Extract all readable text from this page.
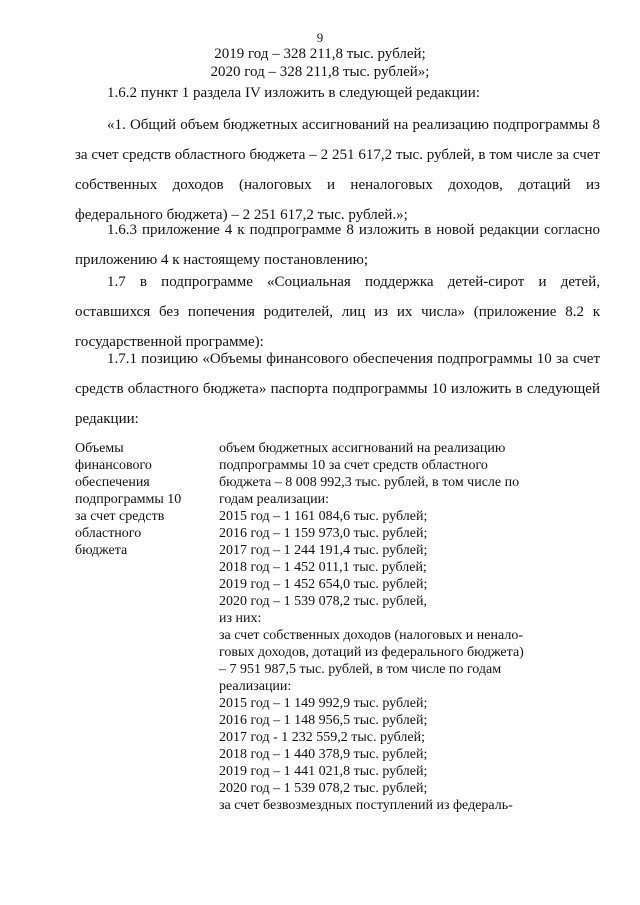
9
2019 год – 328 211,8 тыс. рублей;
2020 год – 328 211,8 тыс. рублей»;

1.6.2 пункт 1 раздела IV изложить в следующей редакции:

«1. Общий объем бюджетных ассигнований на реализацию подпрограммы 8 за счет средств областного бюджета – 2 251 617,2 тыс. рублей, в том числе за счет собственных доходов (налоговых и неналоговых доходов, дотаций из федерального бюджета) – 2 251 617,2 тыс. рублей.»;

1.6.3 приложение 4 к подпрограмме 8 изложить в новой редакции согласно приложению 4 к настоящему постановлению;

1.7 в подпрограмме «Социальная поддержка детей-сирот и детей, оставшихся без попечения родителей, лиц из их числа» (приложение 8.2 к государственной программе):

1.7.1 позицию «Объемы финансового обеспечения подпрограммы 10 за счет средств областного бюджета» паспорта подпрограммы 10 изложить в следующей редакции:

Объемы
финансового
обеспечения
подпрограммы 10
за счет средств
областного
бюджета
объем бюджетных ассигнований на реализацию
подпрограммы 10 за счет средств областного
бюджета – 8 008 992,3 тыс. рублей, в том числе по
годам реализации:
2015 год – 1 161 084,6 тыс. рублей;
2016 год – 1 159 973,0 тыс. рублей;
2017 год – 1 244 191,4 тыс. рублей;
2018 год – 1 452 011,1 тыс. рублей;
2019 год – 1 452 654,0 тыс. рублей;
2020 год – 1 539 078,2 тыс. рублей,
из них:
за счет собственных доходов (налоговых и ненало-
говых доходов, дотаций из федерального бюджета)
– 7 951 987,5 тыс. рублей, в том числе по годам
реализации:
2015 год – 1 149 992,9 тыс. рублей;
2016 год – 1 148 956,5 тыс. рублей;
2017 год - 1 232 559,2 тыс. рублей;
2018 год – 1 440 378,9 тыс. рублей;
2019 год – 1 441 021,8 тыс. рублей;
2020 год – 1 539 078,2 тыс. рублей;
за счет безвозмездных поступлений из федераль-
